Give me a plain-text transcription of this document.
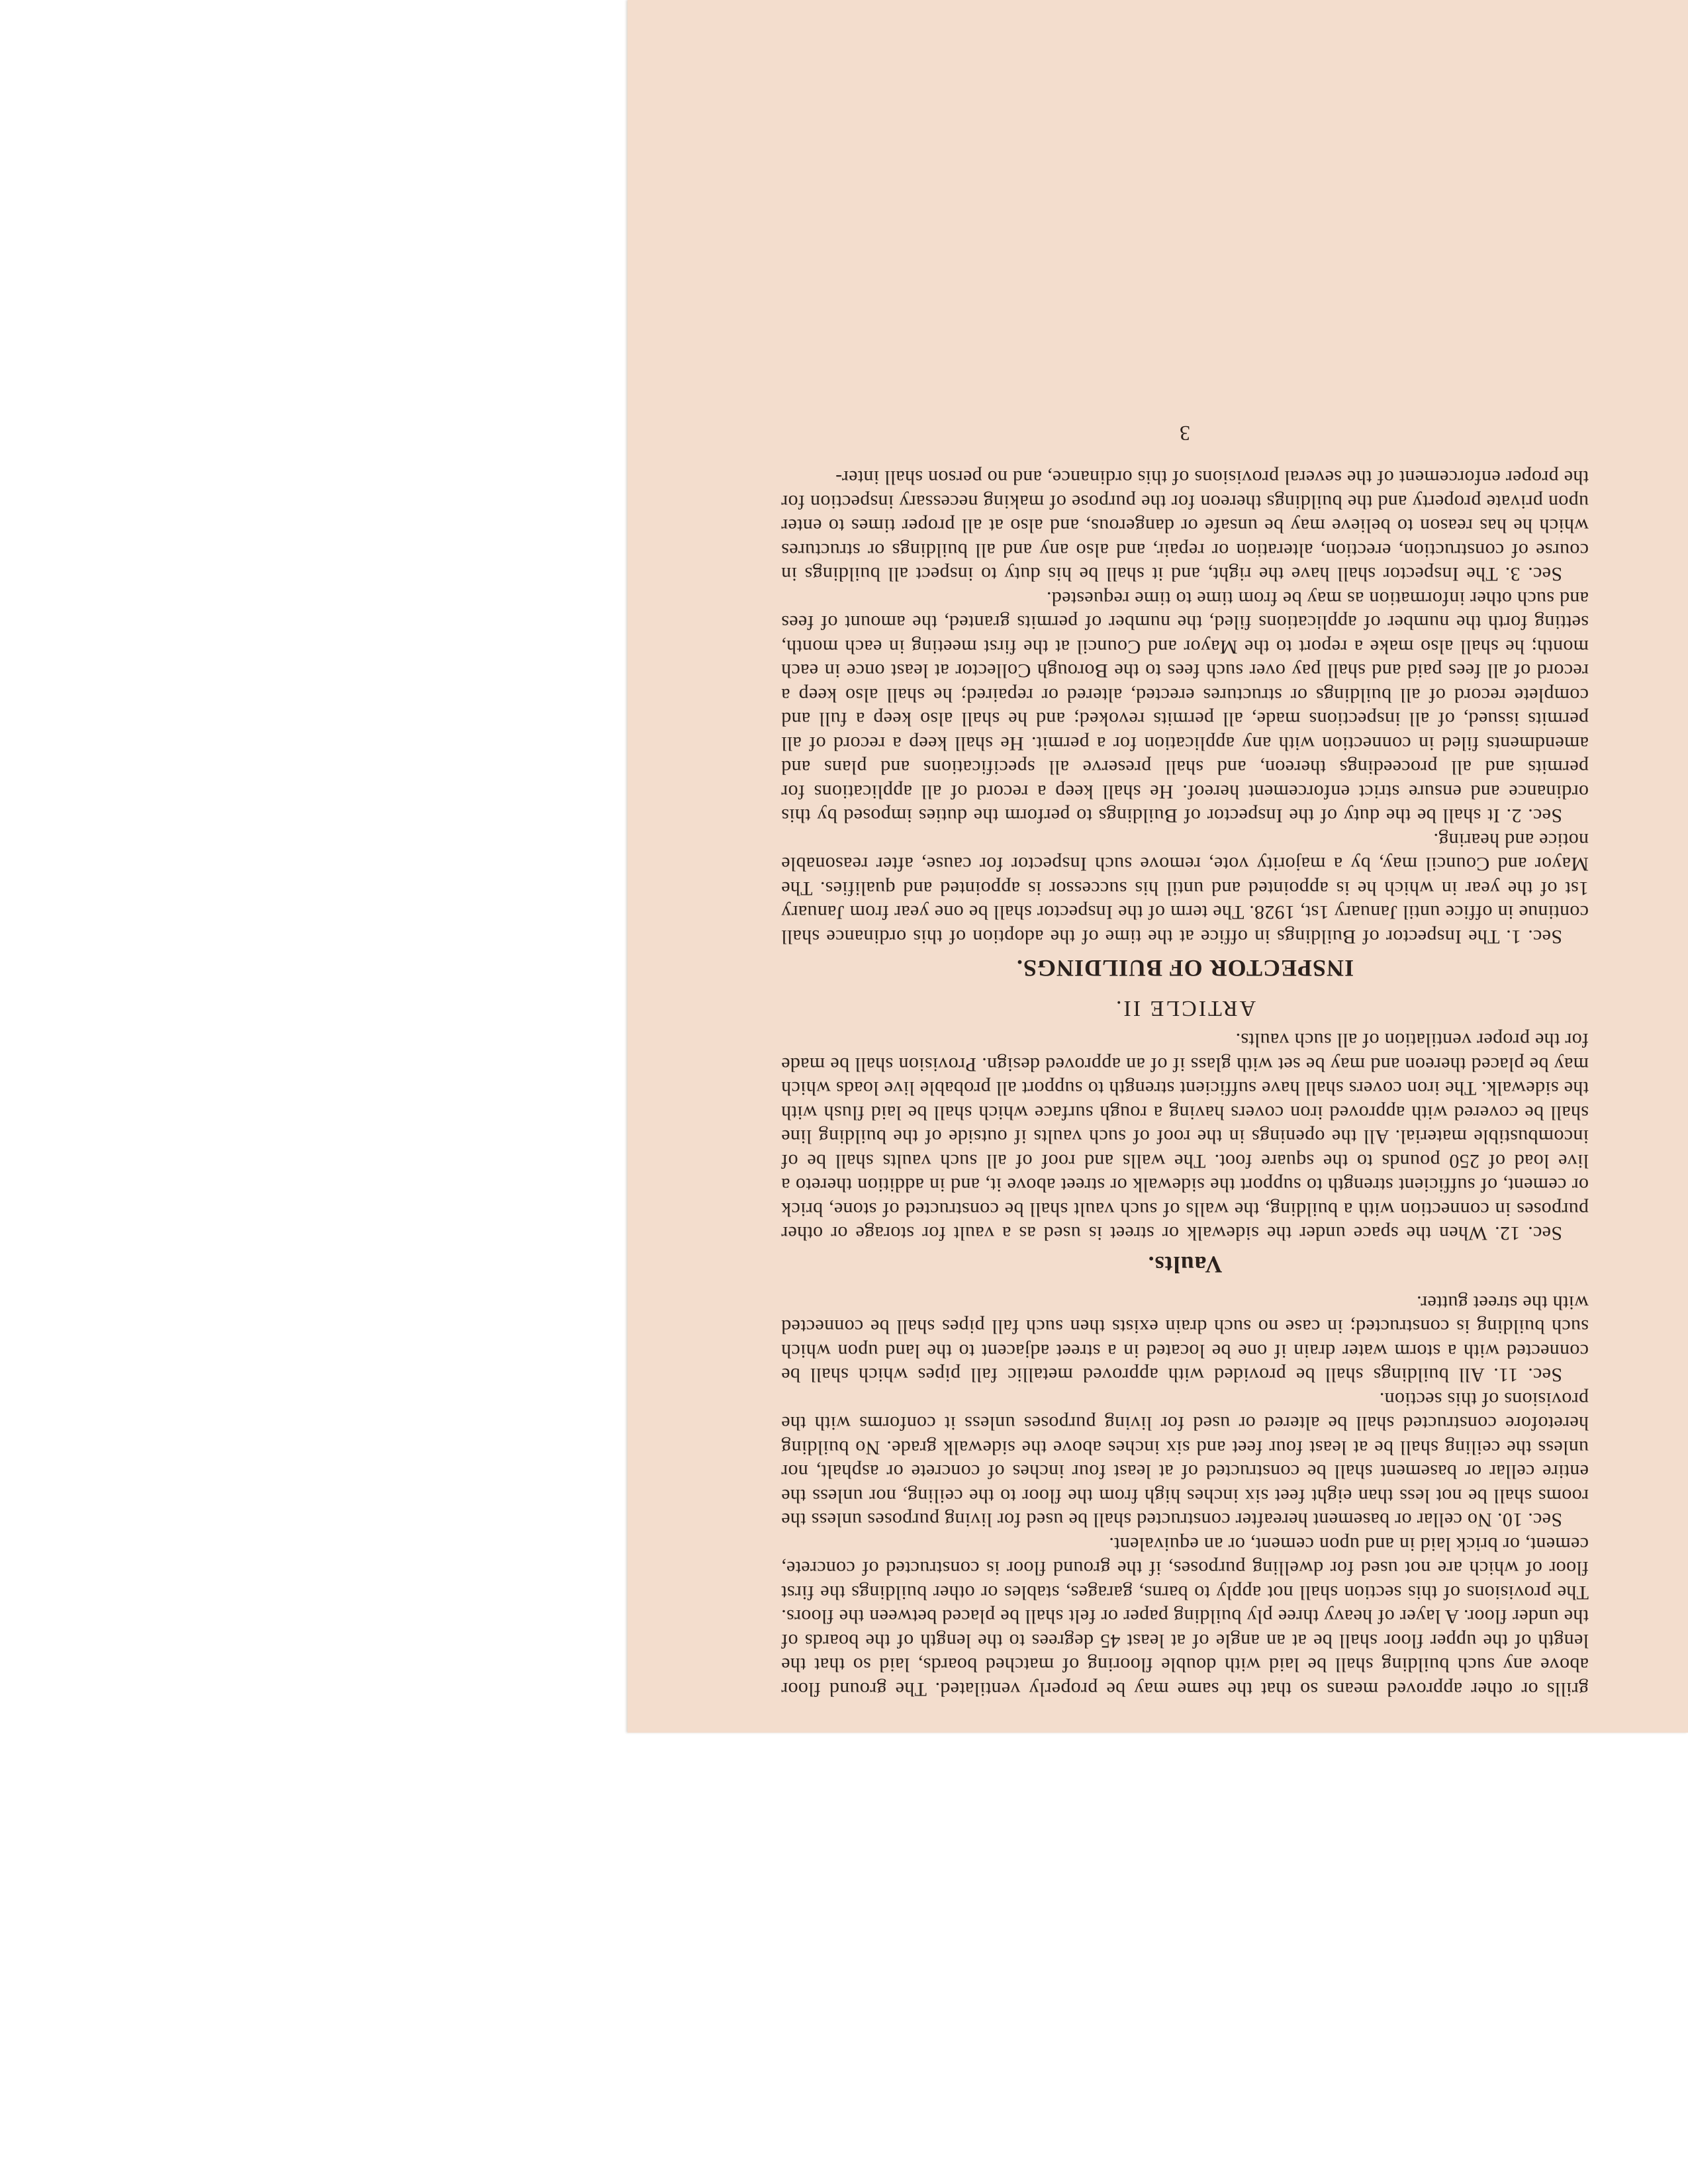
grills or other approved means so that the same may be properly ventilated. The ground floor above any such building shall be laid with double flooring of matched boards, laid so that the length of the upper floor shall be at an angle of at least 45 degrees to the length of the boards of the under floor. A layer of heavy three ply building paper or felt shall be placed between the floors. The provisions of this section shall not apply to barns, garages, stables or other buildings the first floor of which are not used for dwelling purposes, if the ground floor is constructed of concrete, cement, or brick laid in and upon cement, or an equivalent.

Sec. 10. No cellar or basement hereafter constructed shall be used for living purposes unless the rooms shall be not less than eight feet six inches high from the floor to the ceiling, nor unless the entire cellar or basement shall be constructed of at least four inches of concrete or asphalt, nor unless the ceiling shall be at least four feet and six inches above the sidewalk grade. No building heretofore constructed shall be altered or used for living purposes unless it conforms with the provisions of this section.

Sec. 11. All buildings shall be provided with approved metallic fall pipes which shall be connected with a storm water drain if one be located in a street adjacent to the land upon which such building is constructed; in case no such drain exists then such fall pipes shall be connected with the street gutter.

Vaults.

Sec. 12. When the space under the sidewalk or street is used as a vault for storage or other purposes in connection with a building, the walls of such vault shall be constructed of stone, brick or cement, of sufficient strength to support the sidewalk or street above it, and in addition thereto a live load of 250 pounds to the square foot. The walls and roof of all such vaults shall be of incombustible material. All the openings in the roof of such vaults if outside of the building line shall be covered with approved iron covers having a rough surface which shall be laid flush with the sidewalk. The iron covers shall have sufficient strength to support all probable live loads which may be placed thereon and may be set with glass if of an approved design. Provision shall be made for the proper ventilation of all such vaults.

ARTICLE II.
INSPECTOR OF BUILDINGS.

Sec. 1. The Inspector of Buildings in office at the time of the adoption of this ordinance shall continue in office until January 1st, 1928. The term of the Inspector shall be one year from January 1st of the year in which he is appointed and until his successor is appointed and qualifies. The Mayor and Council may, by a majority vote, remove such Inspector for cause, after reasonable notice and hearing.

Sec. 2. It shall be the duty of the Inspector of Buildings to perform the duties imposed by this ordinance and ensure strict enforcement hereof. He shall keep a record of all applications for permits and all proceedings thereon, and shall preserve all specifications and plans and amendments filed in connection with any application for a permit. He shall keep a record of all permits issued, of all inspections made, all permits revoked; and he shall also keep a full and complete record of all buildings or structures erected, altered or repaired; he shall also keep a record of all fees paid and shall pay over such fees to the Borough Collector at least once in each month; he shall also make a report to the Mayor and Council at the first meeting in each month, setting forth the number of applications filed, the number of permits granted, the amount of fees and such other information as may be from time to time requested.

Sec. 3. The Inspector shall have the right, and it shall be his duty to inspect all buildings in course of construction, erection, alteration or repair, and also any and all buildings or structures which he has reason to believe may be unsafe or dangerous, and also at all proper times to enter upon private property and the buildings thereon for the purpose of making necessary inspection for the proper enforcement of the several provisions of this ordinance, and no person shall inter-

3
